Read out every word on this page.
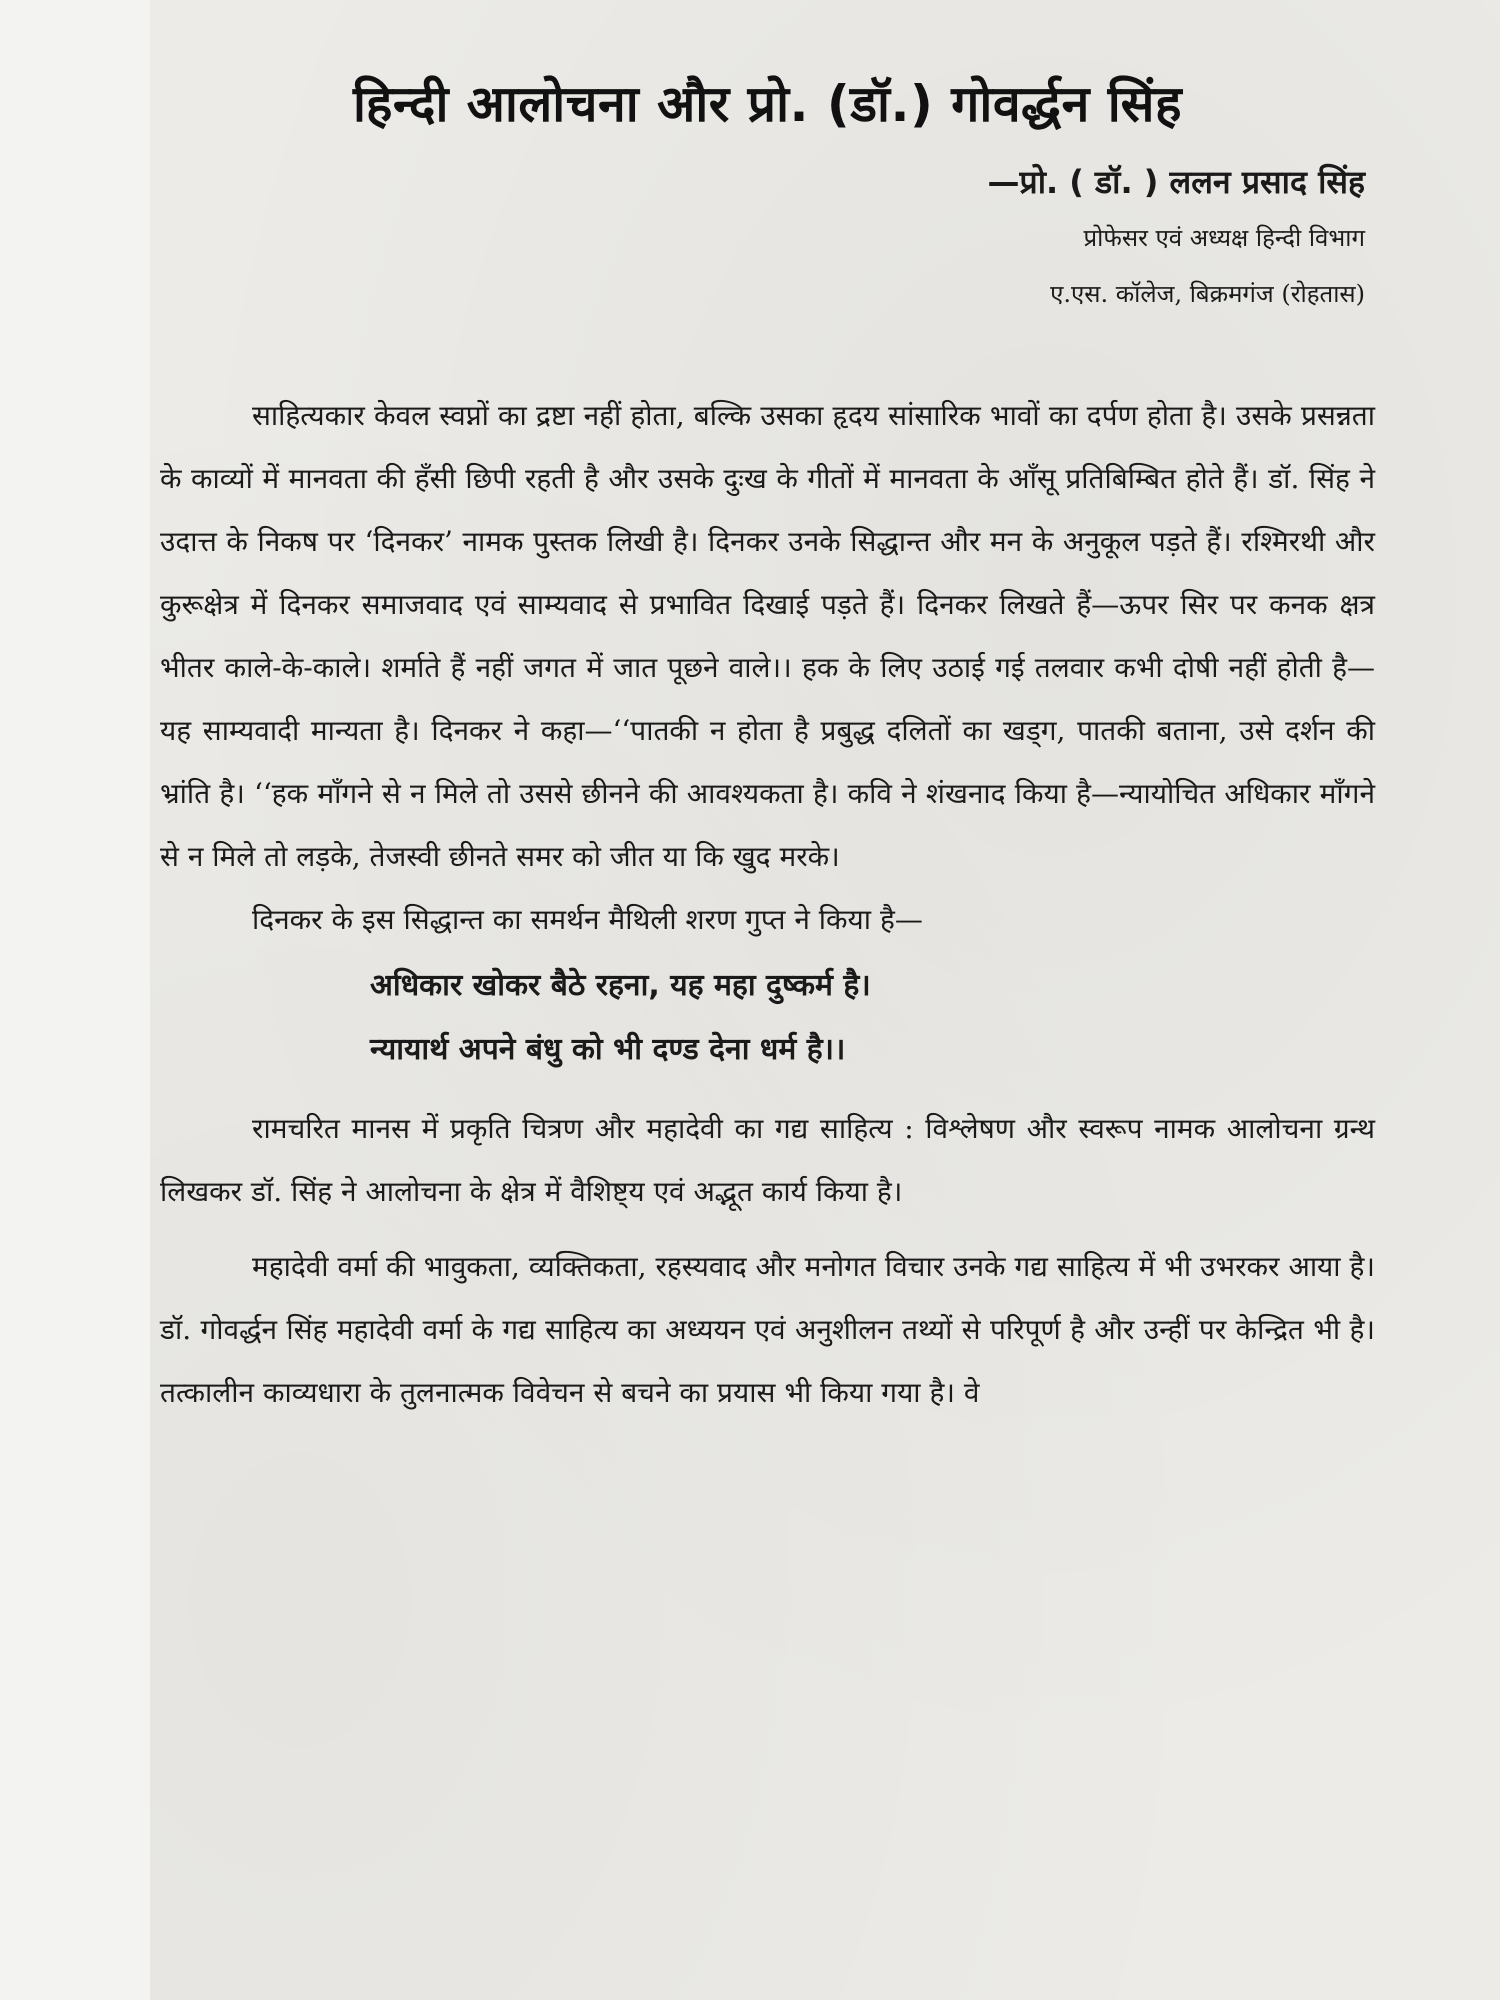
हिन्दी आलोचना और प्रो. (डॉ.) गोवर्द्धन सिंह
—प्रो. ( डॉ. ) ललन प्रसाद सिंह
प्रोफेसर एवं अध्यक्ष हिन्दी विभाग
ए.एस. कॉलेज, बिक्रमगंज (रोहतास)

साहित्यकार केवल स्वप्नों का द्रष्टा नहीं होता, बल्कि उसका हृदय सांसारिक भावों का दर्पण होता है। उसके प्रसन्नता के काव्यों में मानवता की हँसी छिपी रहती है और उसके दुःख के गीतों में मानवता के आँसू प्रतिबिम्बित होते हैं। डॉ. सिंह ने उदात्त के निकष पर ‘दिनकर’ नामक पुस्तक लिखी है। दिनकर उनके सिद्धान्त और मन के अनुकूल पड़ते हैं। रश्मिरथी और कुरूक्षेत्र में दिनकर समाजवाद एवं साम्यवाद से प्रभावित दिखाई पड़ते हैं। दिनकर लिखते हैं—ऊपर सिर पर कनक क्षत्र भीतर काले-के-काले। शर्माते हैं नहीं जगत में जात पूछने वाले।। हक के लिए उठाई गई तलवार कभी दोषी नहीं होती है—यह साम्यवादी मान्यता है। दिनकर ने कहा—‘‘पातकी न होता है प्रबुद्ध दलितों का खड्ग, पातकी बताना, उसे दर्शन की भ्रांति है। ‘‘हक माँगने से न मिले तो उससे छीनने की आवश्यकता है। कवि ने शंखनाद किया है—न्यायोचित अधिकार माँगने से न मिले तो लड़के, तेजस्वी छीनते समर को जीत या कि खुद मरके।

दिनकर के इस सिद्धान्त का समर्थन मैथिली शरण गुप्त ने किया है—

अधिकार खोकर बैठे रहना, यह महा दुष्कर्म है।
न्यायार्थ अपने बंधु को भी दण्ड देना धर्म है।।

रामचरित मानस में प्रकृति चित्रण और महादेवी का गद्य साहित्य : विश्लेषण और स्वरूप नामक आलोचना ग्रन्थ लिखकर डॉ. सिंह ने आलोचना के क्षेत्र में वैशिष्ट्य एवं अद्भूत कार्य किया है।

महादेवी वर्मा की भावुकता, व्यक्तिकता, रहस्यवाद और मनोगत विचार उनके गद्य साहित्य में भी उभरकर आया है। डॉ. गोवर्द्धन सिंह महादेवी वर्मा के गद्य साहित्य का अध्ययन एवं अनुशीलन तथ्यों से परिपूर्ण है और उन्हीं पर केन्द्रित भी है। तत्कालीन काव्यधारा के तुलनात्मक विवेचन से बचने का प्रयास भी किया गया है। वे
